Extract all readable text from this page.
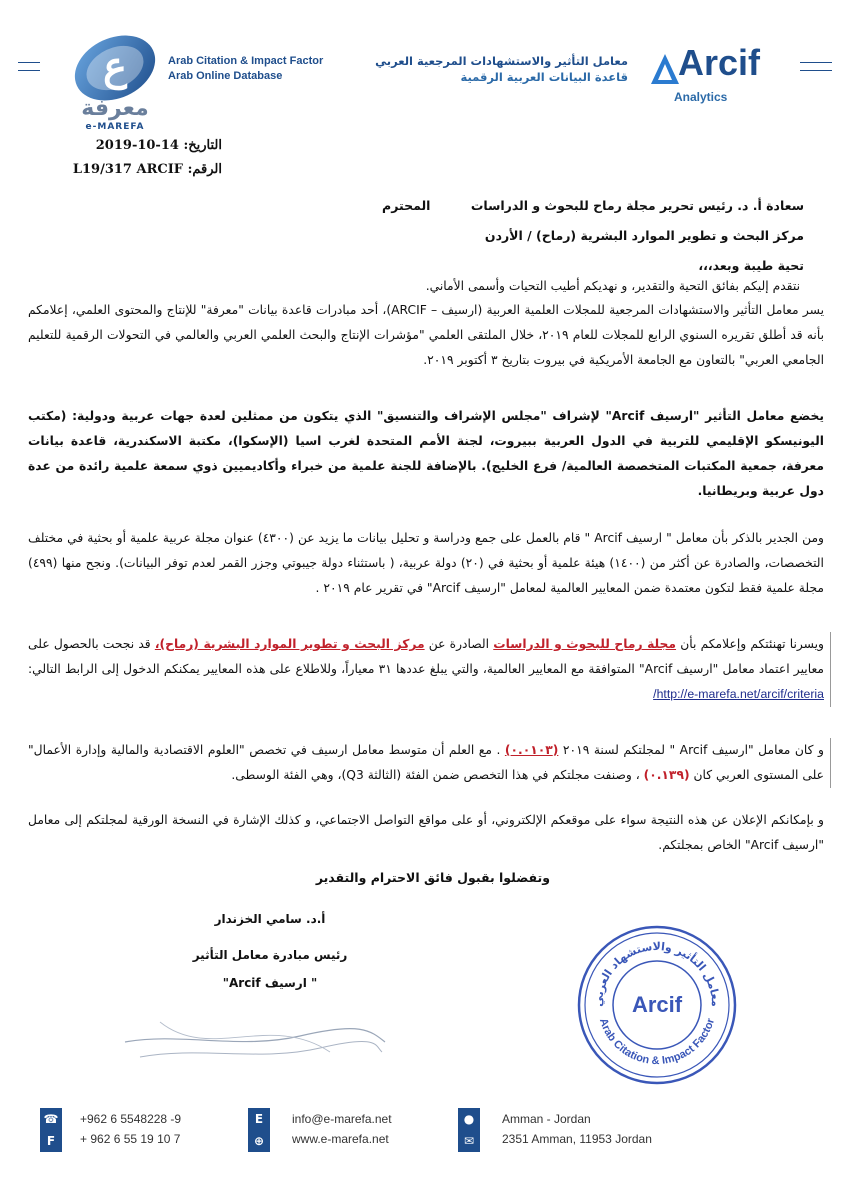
ع
معرفة
e-MAREFA
Arab Citation & Impact Factor
Arab Online Database
معامل التأثير والاستشهادات المرجعية العربي
قاعدة البيانات العربية الرقمية Arcif
Analytics
التاريخ: 2019-10-14
الرقم: L19/317 ARCIF
سعادة أ. د. رئيس تحرير مجلة رماح للبحوث و الدراسات المحترم
مركز البحث و تطوير الموارد البشرية (رماح) / الأردن
تحية طيبة وبعد،،،
نتقدم إليكم بفائق التحية والتقدير، و نهديكم أطيب التحيات وأسمى الأماني.
يسر معامل التأثير والاستشهادات المرجعية للمجلات العلمية العربية (ارسيف – ARCIF)، أحد مبادرات قاعدة بيانات "معرفة" للإنتاج والمحتوى العلمي، إعلامكم بأنه قد أطلق تقريره السنوي الرابع للمجلات للعام ٢٠١٩، خلال الملتقى العلمي "مؤشرات الإنتاج والبحث العلمي العربي والعالمي في التحولات الرقمية للتعليم الجامعي العربي" بالتعاون مع الجامعة الأمريكية في بيروت بتاريخ ٣ أكتوبر ٢٠١٩.
يخضع معامل التأثير "ارسيف Arcif" لإشراف "مجلس الإشراف والتنسيق" الذي يتكون من ممثلين لعدة جهات عربية ودولية: (مكتب اليونيسكو الإقليمي للتربية في الدول العربية ببيروت، لجنة الأمم المتحدة لغرب اسيا (الإسكوا)، مكتبة الاسكندرية، قاعدة بيانات معرفة، جمعية المكتبات المتخصصة العالمية/ فرع الخليج). بالإضافة للجنة علمية من خبراء وأكاديميين ذوي سمعة علمية رائدة من عدة دول عربية وبريطانيا.
ومن الجدير بالذكر بأن معامل " ارسيف Arcif " قام بالعمل على جمع ودراسة و تحليل بيانات ما يزيد عن (٤٣٠٠) عنوان مجلة عربية علمية أو بحثية في مختلف التخصصات، والصادرة عن أكثر من (١٤٠٠) هيئة علمية أو بحثية في (٢٠) دولة عربية، ( باستثناء دولة جيبوتي وجزر القمر لعدم توفر البيانات). ونجح منها (٤٩٩) مجلة علمية فقط لتكون معتمدة ضمن المعايير العالمية لمعامل "ارسيف Arcif" في تقرير عام ٢٠١٩ .
ويسرنا تهنئتكم وإعلامكم بأن مجلة رماح للبحوث و الدراسات الصادرة عن مركز البحث و تطوير الموارد البشرية (رماح)، قد نجحت بالحصول على معايير اعتماد معامل "ارسيف Arcif" المتوافقة مع المعايير العالمية، والتي يبلغ عددها ٣١ معياراً، وللاطلاع على هذه المعايير يمكنكم الدخول إلى الرابط التالي: http://e-marefa.net/arcif/criteria/
و كان معامل "ارسيف Arcif " لمجلتكم لسنة ٢٠١٩ (٠.٠١٠٣) . مع العلم أن متوسط معامل ارسيف في تخصص "العلوم الاقتصادية والمالية وإدارة الأعمال" على المستوى العربي كان (٠.١٣٩) ، وصنفت مجلتكم في هذا التخصص ضمن الفئة (الثالثة Q3)، وهي الفئة الوسطى.
و بإمكانكم الإعلان عن هذه النتيجة سواء على موقعكم الإلكتروني، أو على مواقع التواصل الاجتماعي، و كذلك الإشارة في النسخة الورقية لمجلتكم إلى معامل "ارسيف Arcif" الخاص بمجلتكم.
وتفضلوا بقبول فائق الاحترام والتقدير
أ.د. سامي الخزندار
رئيس مبادرة معامل التأثير
" ارسيف Arcif"
معامل التأثير والاستشهاد العربي
Arab Citation & Impact Factor
Arcif
☎
F
+962 6 5548228 -9
+ 962 6 55 19 10 7
E
⊕
info@e-marefa.net
www.e-marefa.net
●
✉
Amman - Jordan
2351 Amman, 11953 Jordan
